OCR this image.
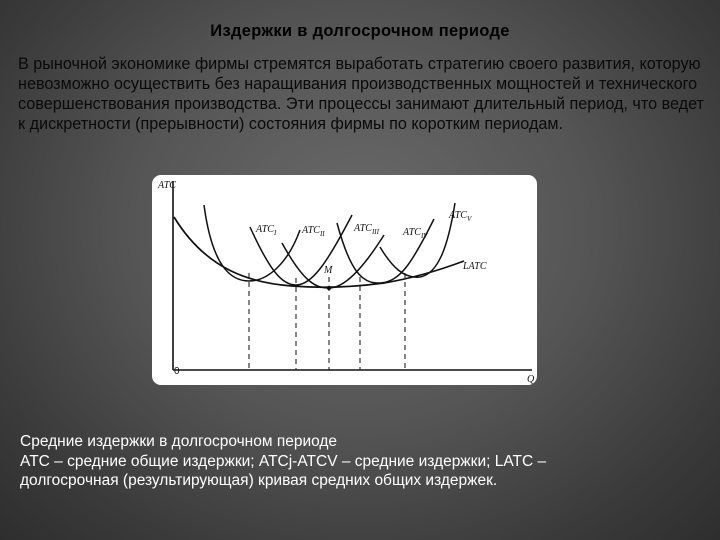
Издержки в долгосрочном периоде

В рыночной экономике фирмы стремятся выработать стратегию своего развития, которую невозможно осуществить без наращивания производственных мощностей и технического совершенствования производства. Эти процессы занимают длительный период, что ведет к дискретности (прерывности) состояния фирмы по коротким периодам.

ATC
Q
0
$ATC_I$	$ATC_{II}$	$ATC_{III}$ $ATC_{IV}$
$ATC_V$
LATC
M
Средние издержки в долгосрочном периоде
ATC – средние общие издержки; ATCj-ATCV – средние издержки; LATC –
долгосрочная (результирующая) кривая средних общих издержек.
